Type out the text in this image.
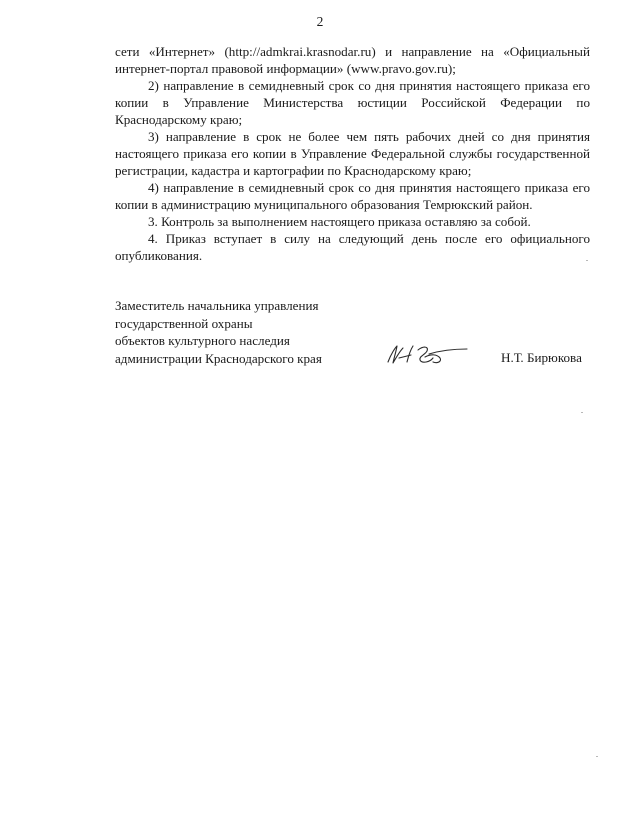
2

сети «Интернет» (http://admkrai.krasnodar.ru) и направление на «Официальный интернет-портал правовой информации» (www.pravo.gov.ru);

2) направление в семидневный срок со дня принятия настоящего приказа его копии в Управление Министерства юстиции Российской Федерации по Краснодарскому краю;

3) направление в срок не более чем пять рабочих дней со дня принятия настоящего приказа его копии в Управление Федеральной службы государственной регистрации, кадастра и картографии по Краснодарскому краю;

4) направление в семидневный срок со дня принятия настоящего приказа его копии в администрацию муниципального образования Темрюкский район.

3. Контроль за выполнением настоящего приказа оставляю за собой.

4. Приказ вступает в силу на следующий день после его официального опубликования.

Заместитель начальника управления
государственной охраны
объектов культурного наследия
администрации Краснодарского края	Н.Т. Бирюкова
